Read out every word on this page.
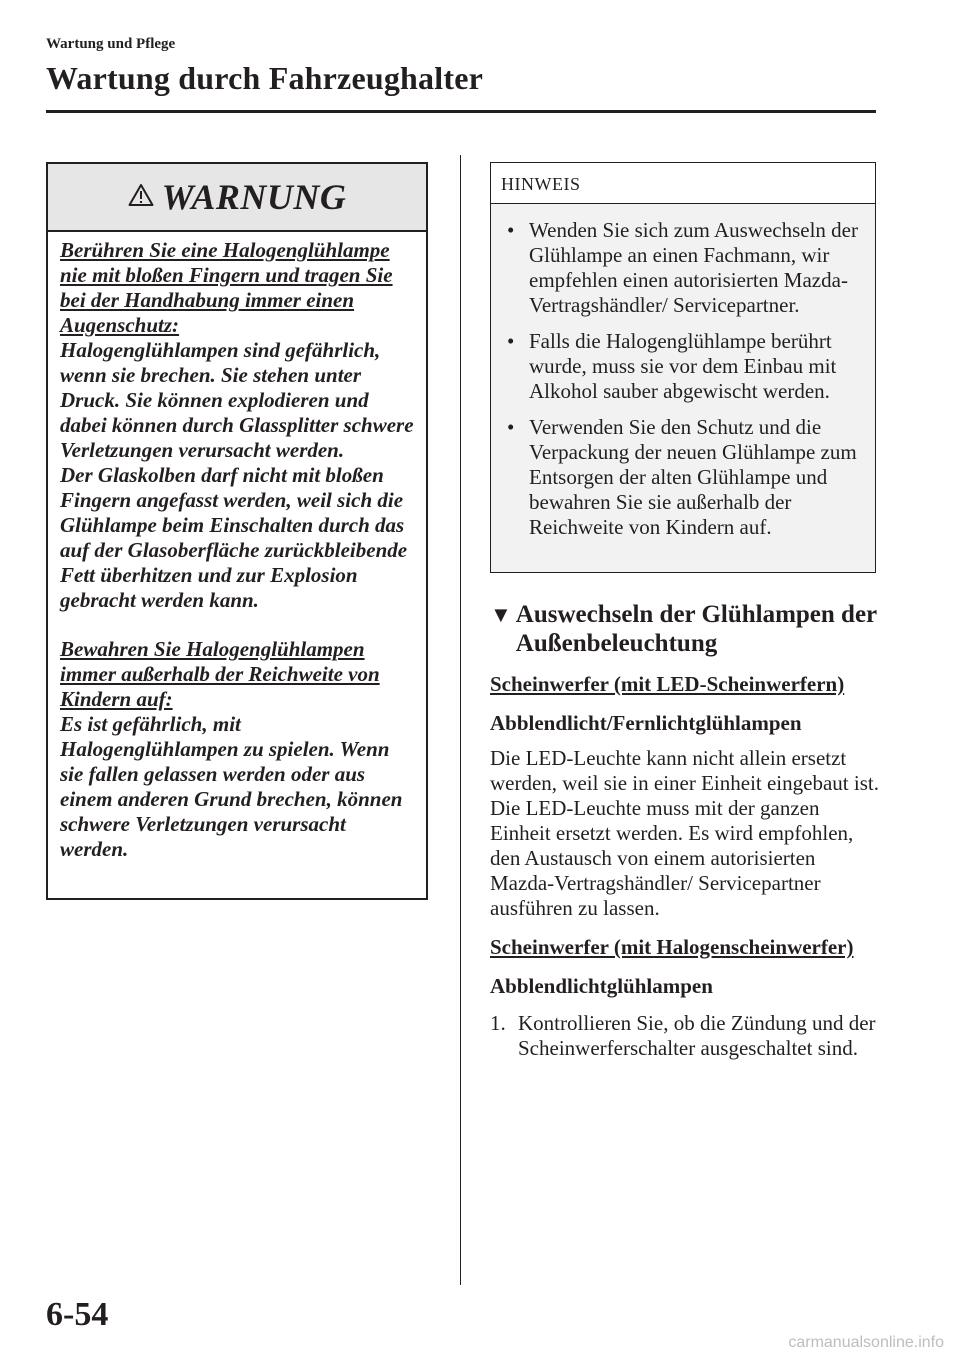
Wartung und Pflege
Wartung durch Fahrzeughalter
WARNUNG

Berühren Sie eine Halogenglühlampe nie mit bloßen Fingern und tragen Sie bei der Handhabung immer einen Augenschutz:

Halogenglühlampen sind gefährlich, wenn sie brechen. Sie stehen unter Druck. Sie können explodieren und dabei können durch Glassplitter schwere Verletzungen verursacht werden.

Der Glaskolben darf nicht mit bloßen Fingern angefasst werden, weil sich die Glühlampe beim Einschalten durch das auf der Glasoberfläche zurückbleibende Fett überhitzen und zur Explosion gebracht werden kann.

Bewahren Sie Halogenglühlampen immer außerhalb der Reichweite von Kindern auf:

Es ist gefährlich, mit Halogenglühlampen zu spielen. Wenn sie fallen gelassen werden oder aus einem anderen Grund brechen, können schwere Verletzungen verursacht werden.

HINWEIS
• Wenden Sie sich zum Auswechseln der Glühlampe an einen Fachmann, wir empfehlen einen autorisierten Mazda-Vertragshändler/ Servicepartner.
• Falls die Halogenglühlampe berührt wurde, muss sie vor dem Einbau mit Alkohol sauber abgewischt werden.
• Verwenden Sie den Schutz und die Verpackung der neuen Glühlampe zum Entsorgen der alten Glühlampe und bewahren Sie sie außerhalb der Reichweite von Kindern auf.
▼ Auswechseln der Glühlampen der Außenbeleuchtung
Scheinwerfer (mit LED-Scheinwerfern)
Abblendlicht/Fernlichtglühlampen

Die LED-Leuchte kann nicht allein ersetzt werden, weil sie in einer Einheit eingebaut ist.

Die LED-Leuchte muss mit der ganzen Einheit ersetzt werden. Es wird empfohlen, den Austausch von einem autorisierten Mazda-Vertragshändler/ Servicepartner ausführen zu lassen.

Scheinwerfer (mit Halogenscheinwerfer)
Abblendlichtglühlampen
1. Kontrollieren Sie, ob die Zündung und der Scheinwerferschalter ausgeschaltet sind.
6-54
carmanualsonline.info
